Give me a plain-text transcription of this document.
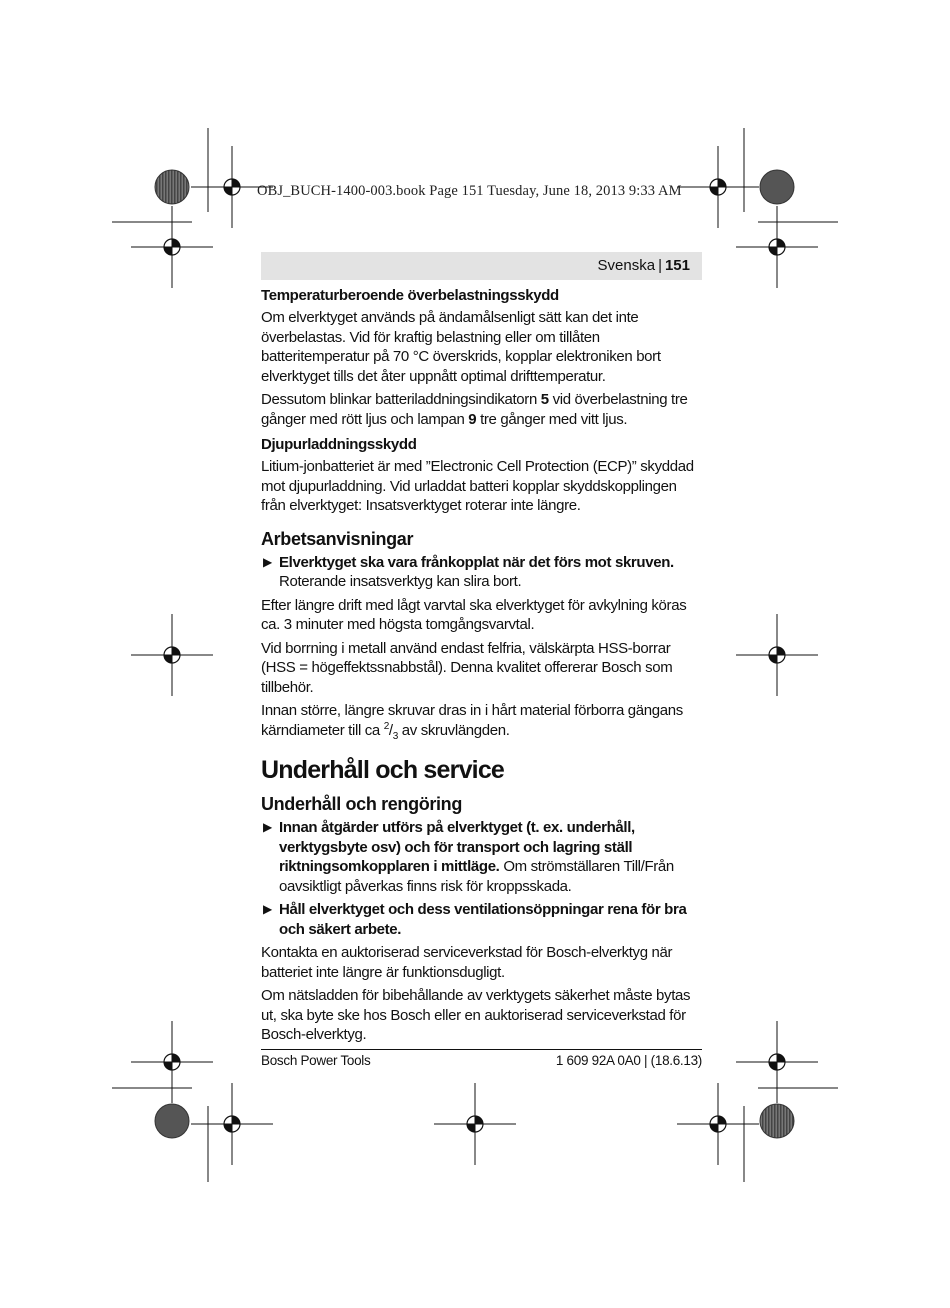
OBJ_BUCH-1400-003.book Page 151 Tuesday, June 18, 2013 9:33 AM
Svenska | 151
Temperaturberoende överbelastningsskydd

Om elverktyget används på ändamålsenligt sätt kan det inte överbelastas. Vid för kraftig belastning eller om tillåten batteritemperatur på 70 °C överskrids, kopplar elektroniken bort elverktyget tills det åter uppnått optimal drifttemperatur.

Dessutom blinkar batteriladdningsindikatorn 5 vid överbelastning tre gånger med rött ljus och lampan 9 tre gånger med vitt ljus.

Djupurladdningsskydd

Litium-jonbatteriet är med ”Electronic Cell Protection (ECP)” skyddad mot djupurladdning. Vid urladdat batteri kopplar skyddskopplingen från elverktyget: Insatsverktyget roterar inte längre.

Arbetsanvisningar
▶ Elverktyget ska vara frånkopplat när det förs mot skruven. Roterande insatsverktyg kan slira bort.

Efter längre drift med lågt varvtal ska elverktyget för avkylning köras ca. 3 minuter med högsta tomgångsvarvtal.

Vid borrning i metall använd endast felfria, välskärpta HSS-borrar (HSS = högeffektssnabbstål). Denna kvalitet offererar Bosch som tillbehör.

Innan större, längre skruvar dras in i hårt material förborra gängans kärndiameter till ca $^2/_3$ av skruvlängden.

Underhåll och service
Underhåll och rengöring
▶ Innan åtgärder utförs på elverktyget (t. ex. underhåll, verktygsbyte osv) och för transport och lagring ställ riktningsomkopplaren i mittläge. Om strömställaren Till/Från oavsiktligt påverkas finns risk för kroppsskada.
▶ Håll elverktyget och dess ventilationsöppningar rena för bra och säkert arbete.

Kontakta en auktoriserad serviceverkstad för Bosch-elverktyg när batteriet inte längre är funktionsdugligt.

Om nätsladden för bibehållande av verktygets säkerhet måste bytas ut, ska byte ske hos Bosch eller en auktoriserad serviceverkstad för Bosch-elverktyg.

Bosch Power Tools	1 609 92A 0A0 | (18.6.13)
